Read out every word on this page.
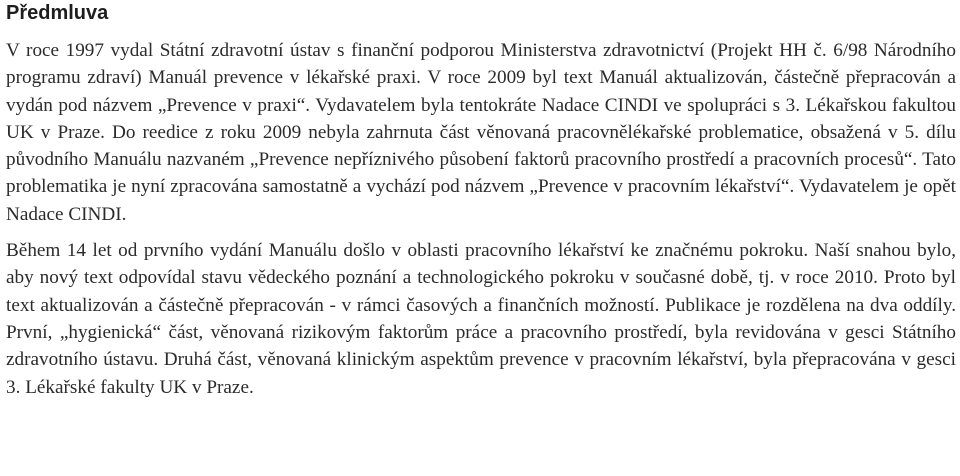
Předmluva

V roce 1997 vydal Státní zdravotní ústav s finanční podporou Ministerstva zdravotnictví (Projekt HH č. 6/98 Národního programu zdraví) Manuál prevence v lékařské praxi. V roce 2009 byl text Manuál aktualizován, částečně přepracován a vydán pod názvem „Prevence v praxi“. Vydavatelem byla tentokráte Nadace CINDI ve spolupráci s 3. Lékařskou fakultou UK v Praze. Do reedice z roku 2009 nebyla zahrnuta část věnovaná pracovnělékařské problematice, obsažená v 5. dílu původního Manuálu nazvaném „Prevence nepříznivého působení faktorů pracovního prostředí a pracovních procesů“. Tato problematika je nyní zpracována samostatně a vychází pod názvem „Prevence v pracovním lékařství“. Vydavatelem je opět Nadace CINDI.

Během 14 let od prvního vydání Manuálu došlo v oblasti pracovního lékařství ke značnému pokroku. Naší snahou bylo, aby nový text odpovídal stavu vědeckého poznání a technologického pokroku v současné době, tj. v roce 2010. Proto byl text aktualizován a částečně přepracován - v rámci časových a finančních možností. Publikace je rozdělena na dva oddíly. První, „hygienická“ část, věnovaná rizikovým faktorům práce a pracovního prostředí, byla revidována v gesci Státního zdravotního ústavu. Druhá část, věnovaná klinickým aspektům prevence v pracovním lékařství, byla přepracována v gesci 3. Lékařské fakulty UK v Praze.
